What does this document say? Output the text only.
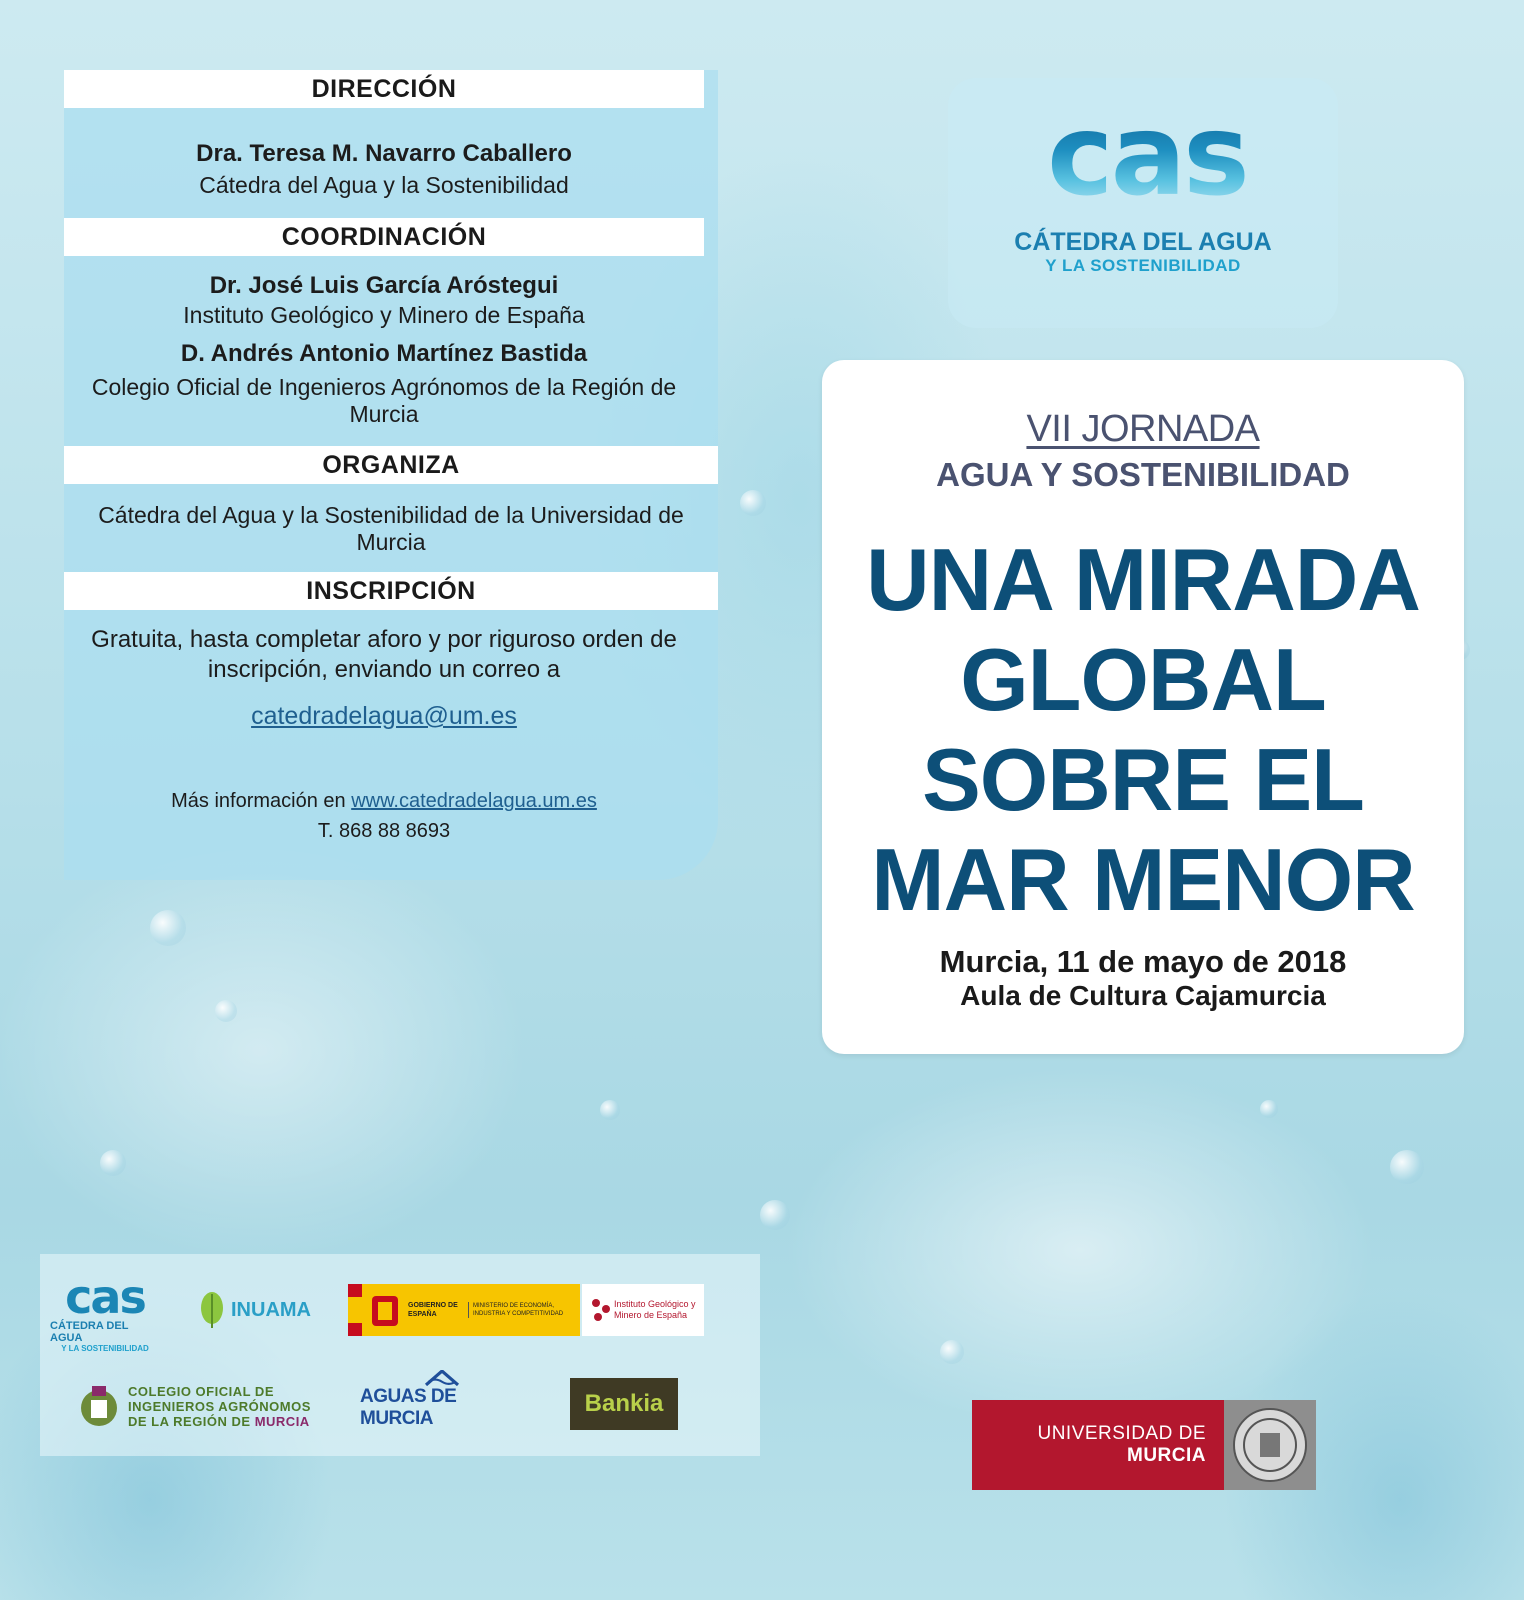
DIRECCIÓN
Dra. Teresa M. Navarro Caballero
Cátedra del Agua y la Sostenibilidad
COORDINACIÓN
Dr. José Luis García Aróstegui
Instituto Geológico y Minero de España
D. Andrés Antonio Martínez Bastida
Colegio Oficial de Ingenieros Agrónomos de la Región de Murcia
ORGANIZA
Cátedra del Agua y la Sostenibilidad de la Universidad de Murcia
INSCRIPCIÓN
Gratuita, hasta completar aforo y por riguroso orden de
inscripción, enviando un correo a
catedradelagua@um.es
Más información en www.catedradelagua.um.es
T. 868 88 8693
cas
CÁTEDRA DEL AGUA
Y LA SOSTENIBILIDAD
VII JORNADA
AGUA Y SOSTENIBILIDAD
UNA MIRADA
GLOBAL
SOBRE EL
MAR MENOR
Murcia, 11 de mayo de 2018
Aula de Cultura Cajamurcia
cas
CÁTEDRA DEL AGUA
Y LA SOSTENIBILIDAD
INUAMA	GOBIERNO DE ESPAÑA
MINISTERIO DE ECONOMÍA, INDUSTRIA Y COMPETITIVIDAD
Instituto Geológico y Minero de España
COLEGIO OFICIAL DE
INGENIEROS AGRÓNOMOS
DE LA REGIÓN DE MURCIA
AGUAS DE MURCIA
Bankia
UNIVERSIDAD DE
MURCIA
